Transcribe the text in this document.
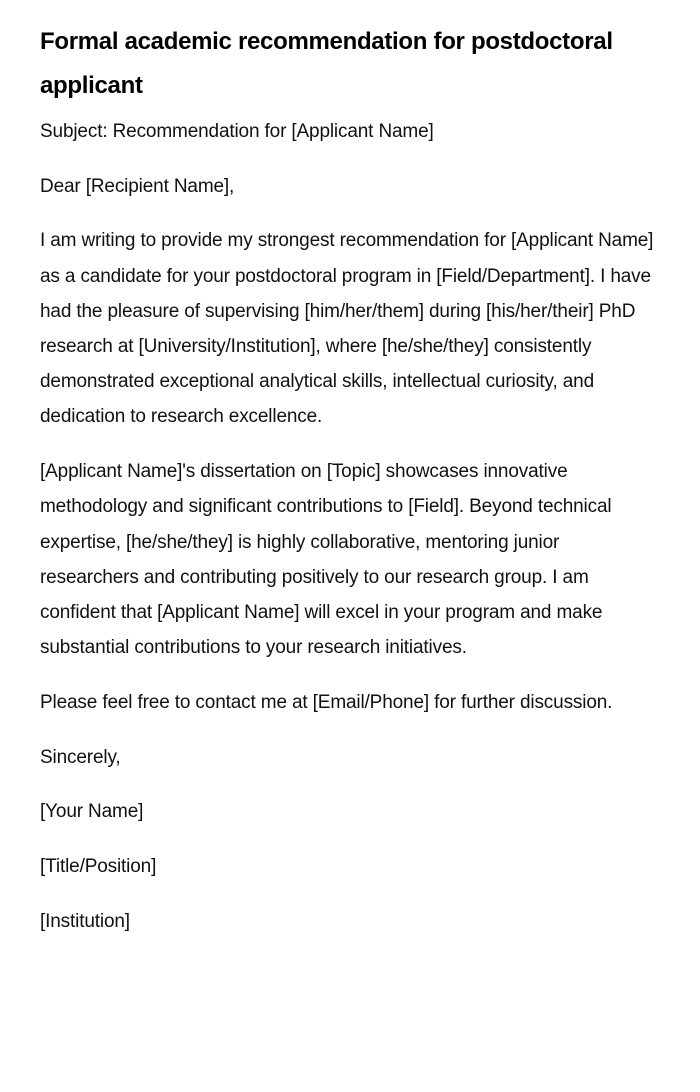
Formal academic recommendation for postdoctoral applicant

Subject: Recommendation for [Applicant Name]

Dear [Recipient Name],

I am writing to provide my strongest recommendation for [Applicant Name] as a candidate for your postdoctoral program in [Field/Department]. I have had the pleasure of supervising [him/her/them] during [his/her/their] PhD research at [University/Institution], where [he/she/they] consistently demonstrated exceptional analytical skills, intellectual curiosity, and dedication to research excellence.

[Applicant Name]'s dissertation on [Topic] showcases innovative methodology and significant contributions to [Field]. Beyond technical expertise, [he/she/they] is highly collaborative, mentoring junior researchers and contributing positively to our research group. I am confident that [Applicant Name] will excel in your program and make substantial contributions to your research initiatives.

Please feel free to contact me at [Email/Phone] for further discussion.

Sincerely,

[Your Name]

[Title/Position]

[Institution]
